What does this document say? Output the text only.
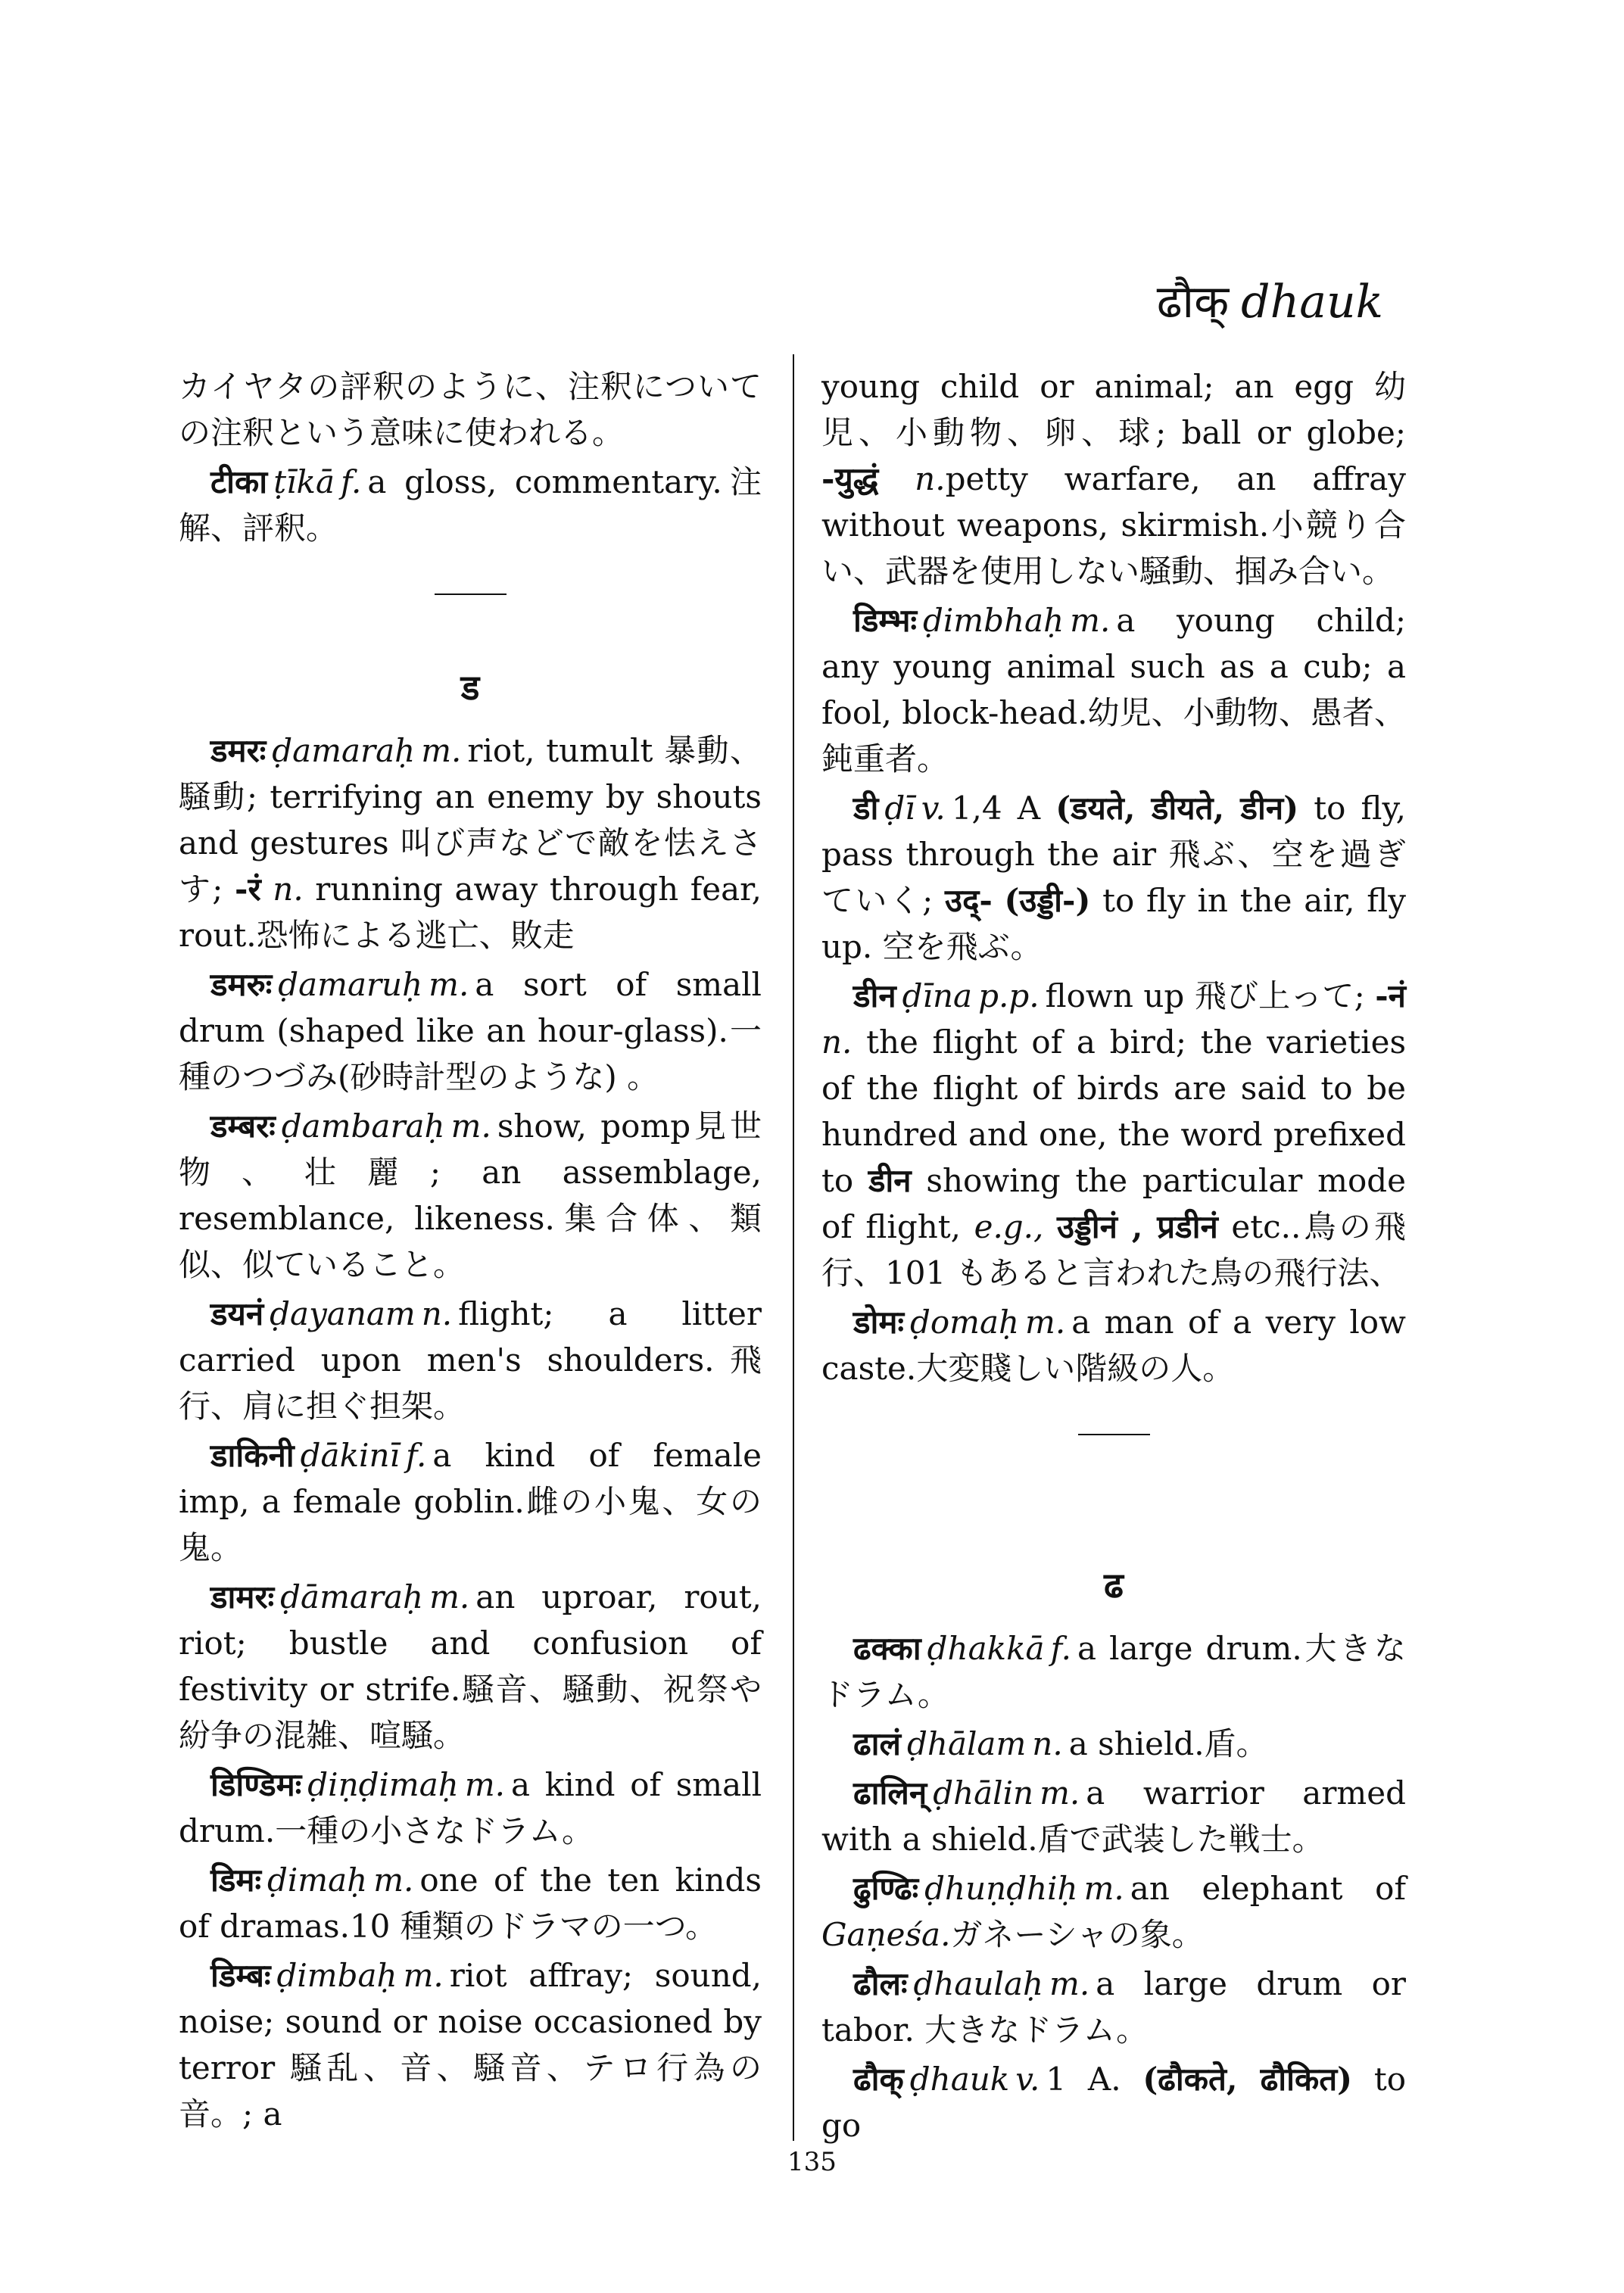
ढौक् dhauk

カイヤタの評釈のように、注釈についての注釈という意味に使われる。

टीका ṭīkā f. a gloss, commentary.注解、評釈。

ड

डमरः ḍamaraḥ m. riot, tumult 暴動、騒動; terrifying an enemy by shouts and gestures 叫び声などで敵を怯えさす; -रं n. running away through fear, rout.恐怖による逃亡、敗走

डमरुः ḍamaruḥ m. a sort of small drum (shaped like an hour-glass).一種のつづみ(砂時計型のような) 。

डम्बरः ḍambaraḥ m. show, pomp見世物、壮麗; an assemblage, resemblance, likeness.集合体、類似、似ていること。

डयनं ḍayanam n. flight; a litter carried upon men's shoulders.飛行、肩に担ぐ担架。

डाकिनी ḍākinī f. a kind of female imp, a female goblin.雌の小鬼、女の鬼。

डामरः ḍāmaraḥ m. an uproar, rout, riot; bustle and confusion of festivity or strife.騒音、騒動、祝祭や紛争の混雑、喧騒。

डिण्डिमः ḍiṇḍimaḥ m. a kind of small drum.一種の小さなドラム。

डिमः ḍimaḥ m. one of the ten kinds of dramas.10 種類のドラマの一つ。

डिम्बः ḍimbaḥ m. riot affray; sound, noise; sound or noise occasioned by terror 騒乱、音、騒音、テロ行為の音。; a

young child or animal; an egg 幼児、小動物、卵、球; ball or globe; -युद्धं n.petty warfare, an affray without weapons, skirmish.小競り合い、武器を使用しない騒動、掴み合い。

डिम्भः ḍimbhaḥ m. a young child; any young animal such as a cub; a fool, block-head.幼児、小動物、愚者、鈍重者。

डी ḍī v. 1,4 A (डयते, डीयते, डीन) to fly, pass through the air 飛ぶ、空を過ぎていく; उद्- (उड्डी-) to fly in the air, fly up. 空を飛ぶ。

डीन ḍīna p.p. flown up 飛び上って; -नं n. the flight of a bird; the varieties of the flight of birds are said to be hundred and one, the word prefixed to डीन showing the particular mode of flight, e.g., उड्डीनं , प्रडीनं etc..鳥の飛行、101 もあると言われた鳥の飛行法、

डोमः ḍomaḥ m. a man of a very low caste.大変賤しい階級の人。

ढ

ढक्का ḍhakkā f. a large drum.大きなドラム。

ढालं ḍhālam n. a shield.盾。

ढालिन् ḍhālin m. a warrior armed with a shield.盾で武装した戦士。

ढुण्ढिः ḍhuṇḍhiḥ m. an elephant of Gaṇeśa.ガネーシャの象。

ढौलः ḍhaulaḥ m. a large drum or tabor. 大きなドラム。

ढौक् ḍhauk v. 1 A. (ढौकते, ढौकित) to go

135
